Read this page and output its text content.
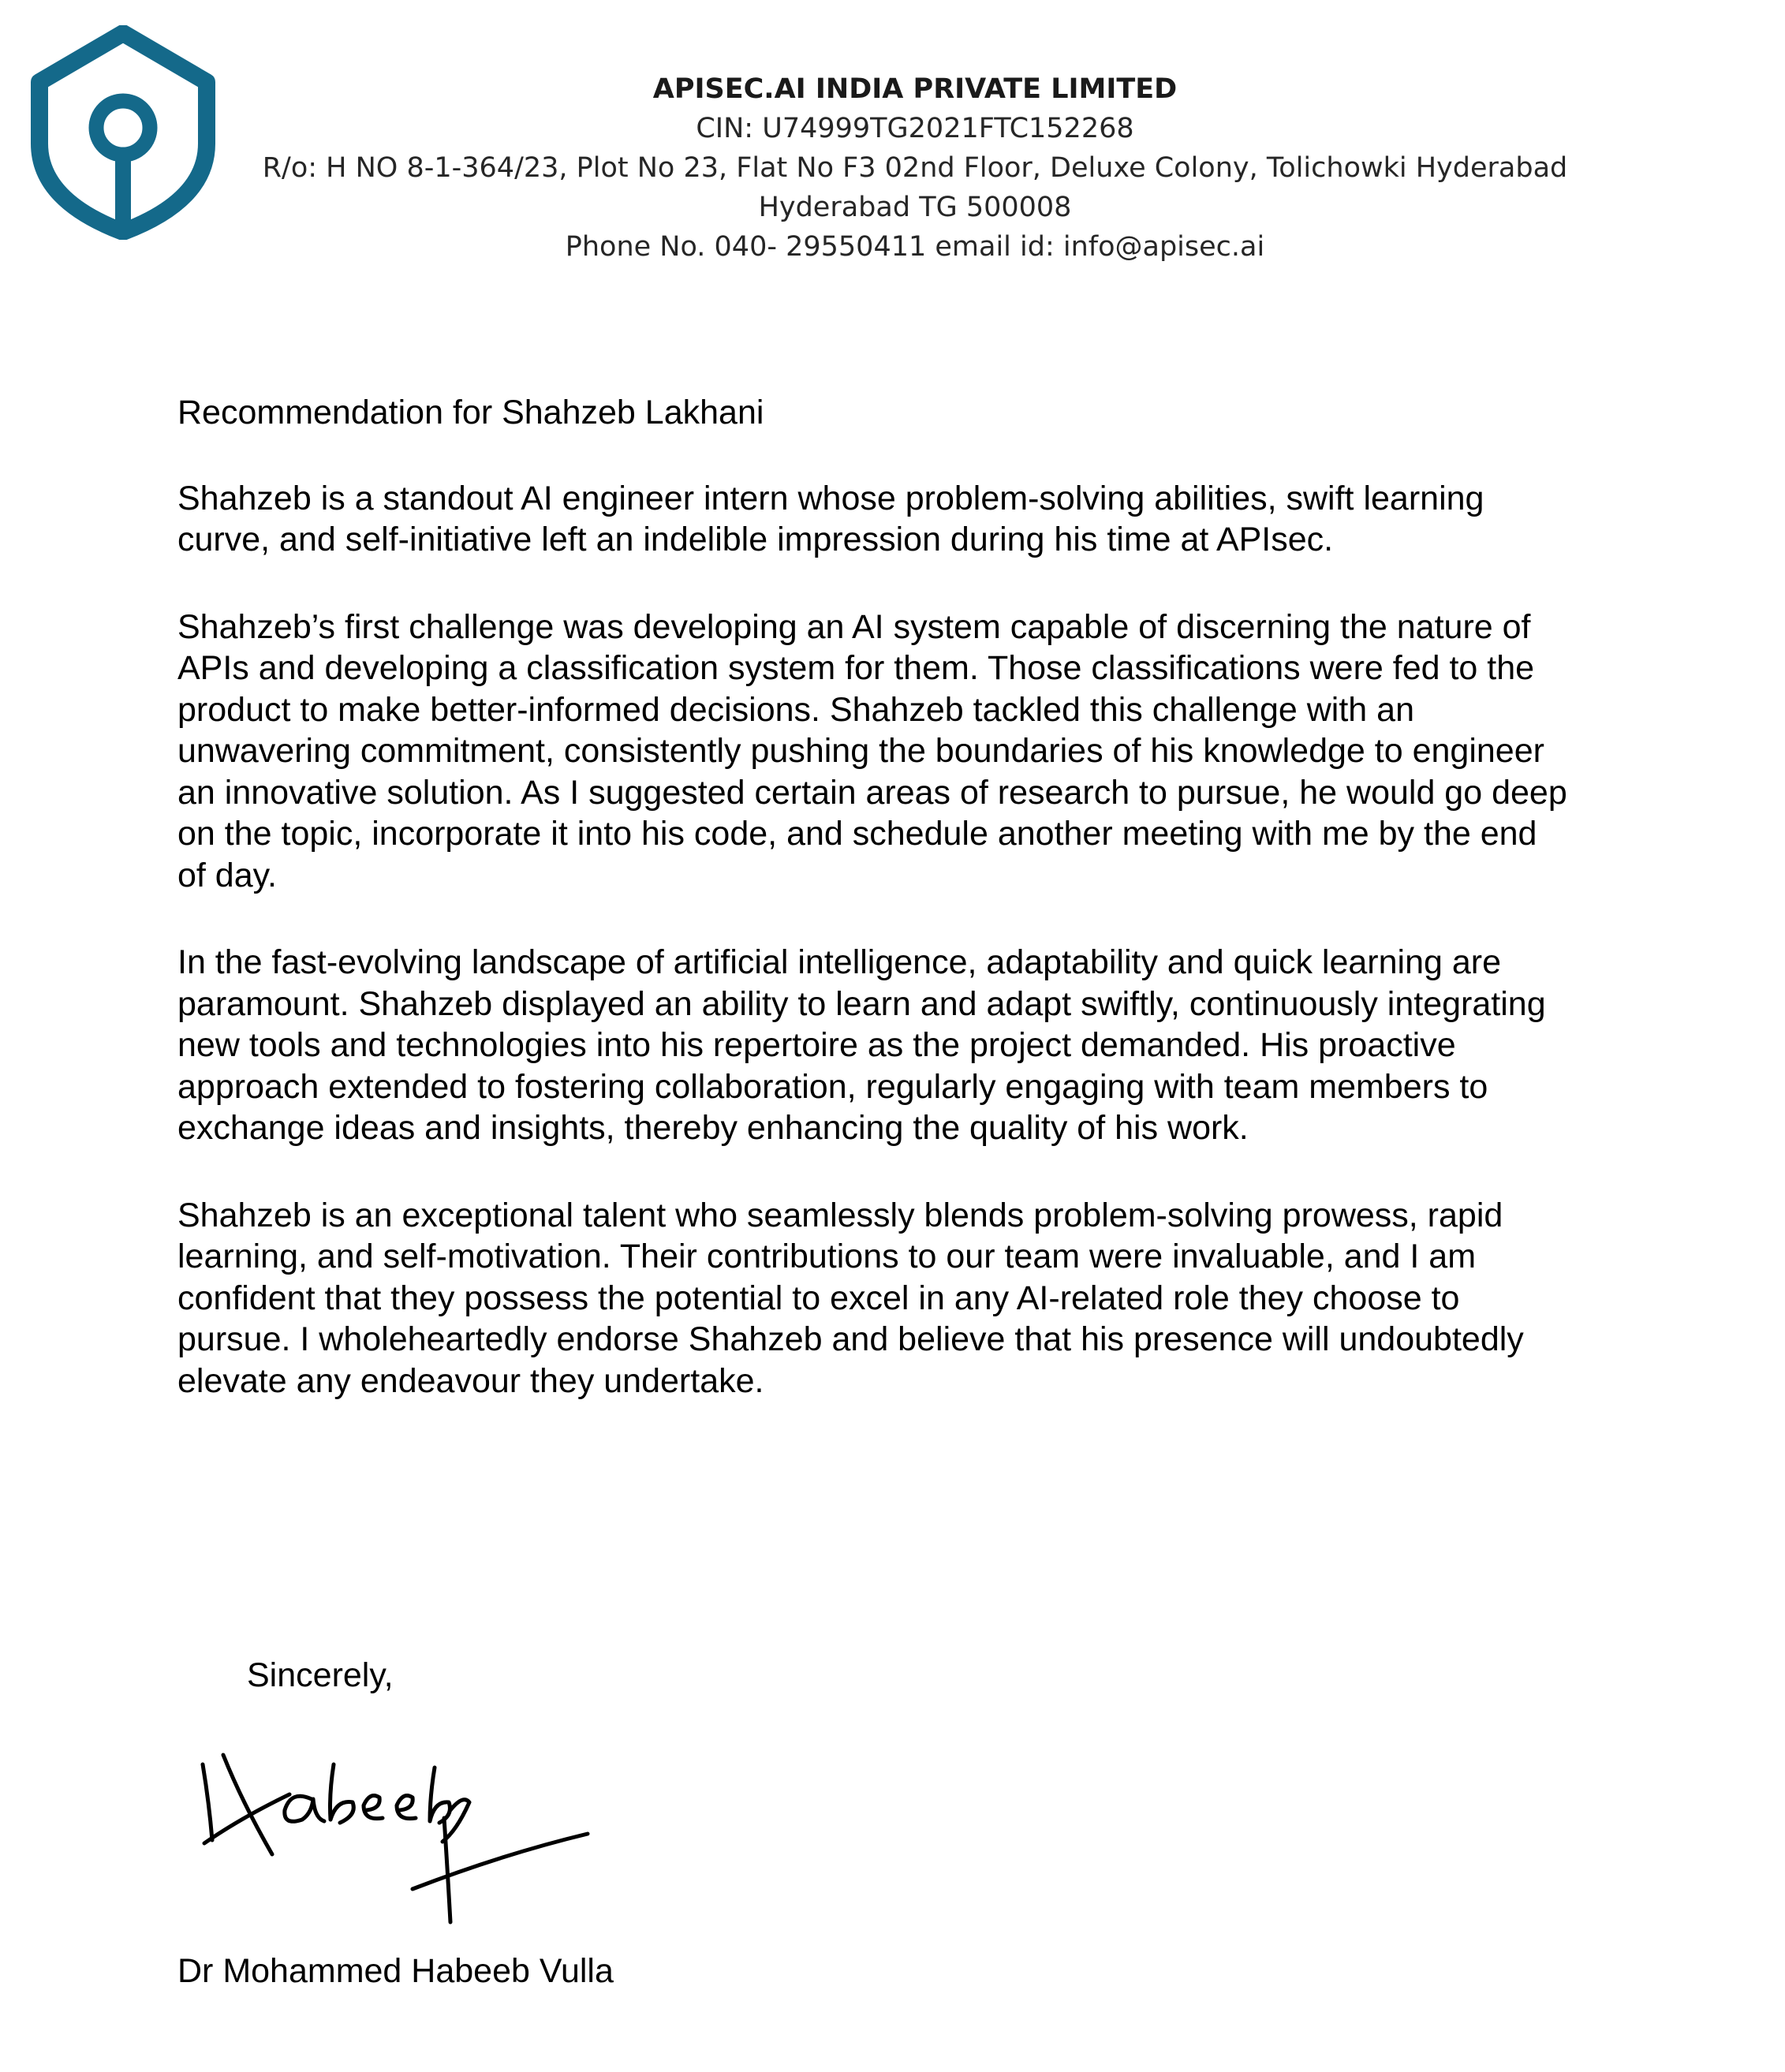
APISEC.AI INDIA PRIVATE LIMITED
CIN: U74999TG2021FTC152268
R/o: H NO 8-1-364/23, Plot No 23, Flat No F3 02nd Floor, Deluxe Colony, Tolichowki Hyderabad
Hyderabad TG 500008
Phone No. 040- 29550411 email id: info@apisec.ai
Recommendation for Shahzeb Lakhani

Shahzeb is a standout AI engineer intern whose problem-solving abilities, swift learning
curve, and self-initiative left an indelible impression during his time at APIsec.

Shahzeb’s first challenge was developing an AI system capable of discerning the nature of
APIs and developing a classification system for them. Those classifications were fed to the
product to make better-informed decisions. Shahzeb tackled this challenge with an
unwavering commitment, consistently pushing the boundaries of his knowledge to engineer
an innovative solution. As I suggested certain areas of research to pursue, he would go deep
on the topic, incorporate it into his code, and schedule another meeting with me by the end
of day.

In the fast-evolving landscape of artificial intelligence, adaptability and quick learning are
paramount. Shahzeb displayed an ability to learn and adapt swiftly, continuously integrating
new tools and technologies into his repertoire as the project demanded. His proactive
approach extended to fostering collaboration, regularly engaging with team members to
exchange ideas and insights, thereby enhancing the quality of his work.

Shahzeb is an exceptional talent who seamlessly blends problem-solving prowess, rapid
learning, and self-motivation. Their contributions to our team were invaluable, and I am
confident that they possess the potential to excel in any AI-related role they choose to
pursue. I wholeheartedly endorse Shahzeb and believe that his presence will undoubtedly
elevate any endeavour they undertake.

Sincerely,
Dr Mohammed Habeeb Vulla
